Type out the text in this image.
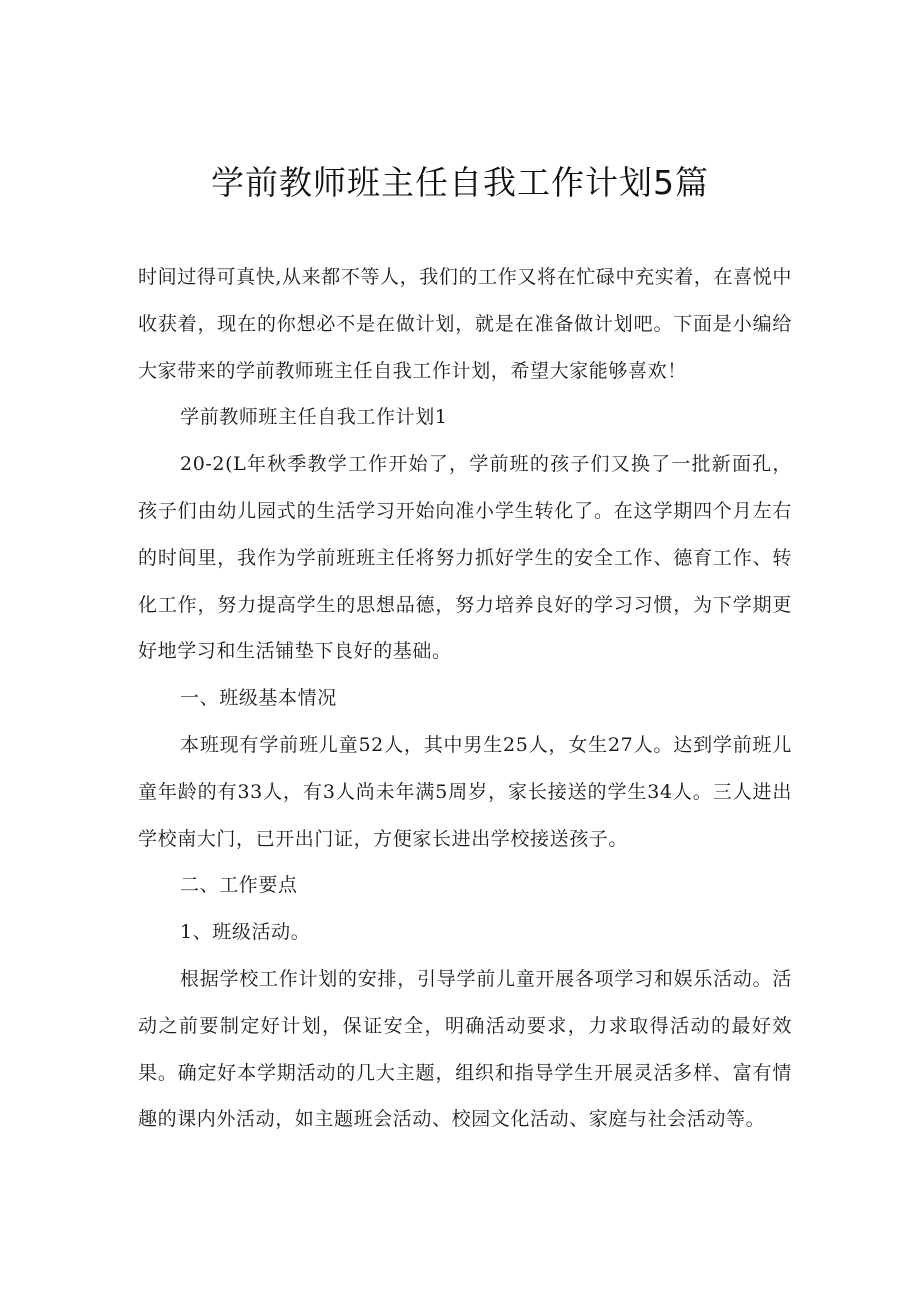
学前教师班主任自我工作计划5篇

时间过得可真快,从来都不等人，我们的工作又将在忙碌中充实着，在喜悦中收获着，现在的你想必不是在做计划，就是在准备做计划吧。下面是小编给大家带来的学前教师班主任自我工作计划，希望大家能够喜欢！

学前教师班主任自我工作计划1

20-2(L年秋季教学工作开始了，学前班的孩子们又换了一批新面孔，孩子们由幼儿园式的生活学习开始向准小学生转化了。在这学期四个月左右的时间里，我作为学前班班主任将努力抓好学生的安全工作、德育工作、转化工作，努力提高学生的思想品德，努力培养良好的学习习惯，为下学期更好地学习和生活铺垫下良好的基础。

一、班级基本情况

本班现有学前班儿童52人，其中男生25人，女生27人。达到学前班儿童年龄的有33人，有3人尚未年满5周岁，家长接送的学生34人。三人进出学校南大门，已开出门证，方便家长进出学校接送孩子。

二、工作要点

1、班级活动。

根据学校工作计划的安排，引导学前儿童开展各项学习和娱乐活动。活动之前要制定好计划，保证安全，明确活动要求，力求取得活动的最好效果。确定好本学期活动的几大主题，组织和指导学生开展灵活多样、富有情趣的课内外活动，如主题班会活动、校园文化活动、家庭与社会活动等。
